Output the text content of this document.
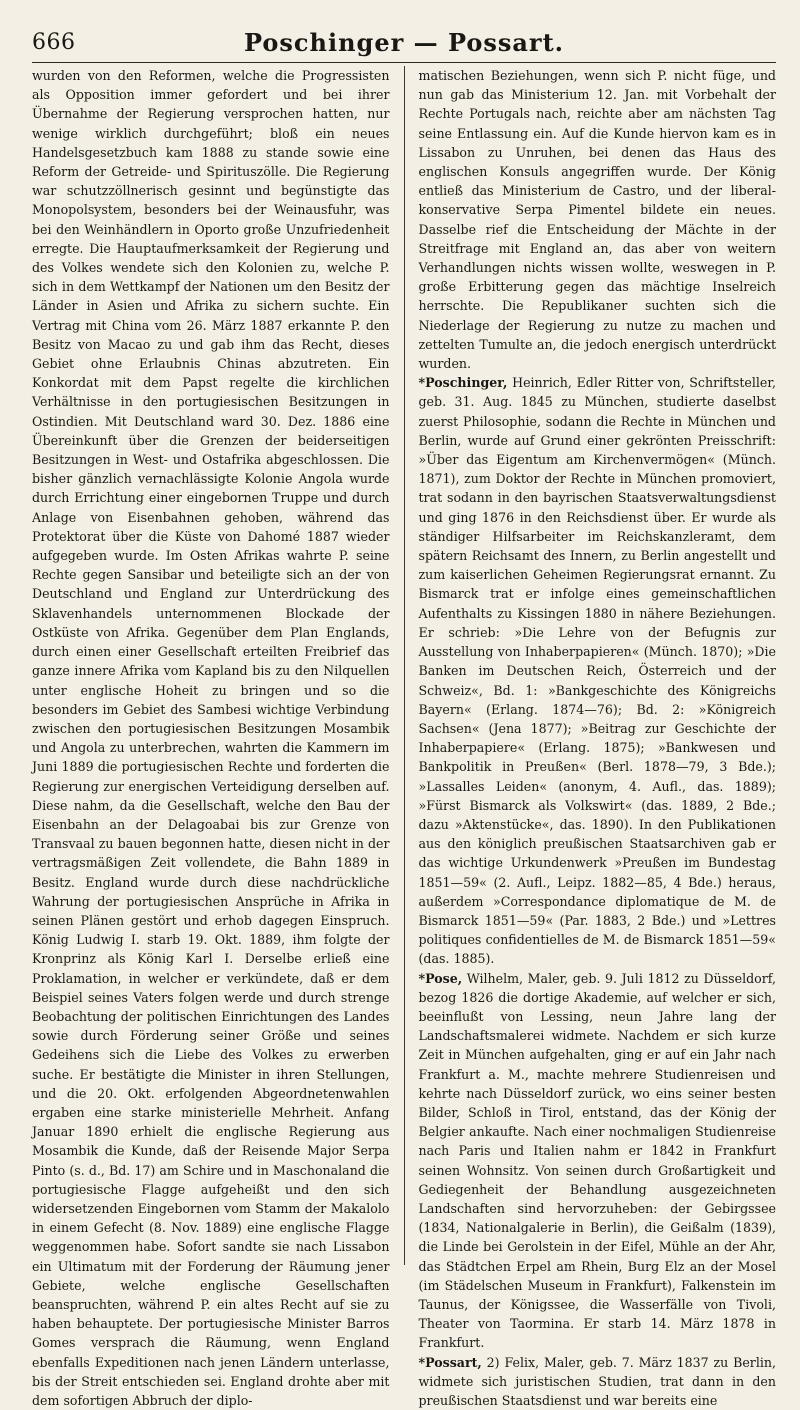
666	Poschinger — Possart.

wurden von den Reformen, welche die Progressisten als Opposition immer gefordert und bei ihrer Übernahme der Regierung versprochen hatten, nur wenige wirklich durchgeführt; bloß ein neues Handelsgesetzbuch kam 1888 zu stande sowie eine Reform der Getreide- und Spirituszölle. Die Regierung war schutzzöllnerisch gesinnt und begünstigte das Monopolsystem, besonders bei der Weinausfuhr, was bei den Weinhändlern in Oporto große Unzufriedenheit erregte. Die Hauptaufmerksamkeit der Regierung und des Volkes wendete sich den Kolonien zu, welche P. sich in dem Wettkampf der Nationen um den Besitz der Länder in Asien und Afrika zu sichern suchte. Ein Vertrag mit China vom 26. März 1887 erkannte P. den Besitz von Macao zu und gab ihm das Recht, dieses Gebiet ohne Erlaubnis Chinas abzutreten. Ein Konkordat mit dem Papst regelte die kirchlichen Verhältnisse in den portugiesischen Besitzungen in Ostindien. Mit Deutschland ward 30. Dez. 1886 eine Übereinkunft über die Grenzen der beiderseitigen Besitzungen in West- und Ostafrika abgeschlossen. Die bisher gänzlich vernachlässigte Kolonie Angola wurde durch Errichtung einer eingebornen Truppe und durch Anlage von Eisenbahnen gehoben, während das Protektorat über die Küste von Dahomé 1887 wieder aufgegeben wurde. Im Osten Afrikas wahrte P. seine Rechte gegen Sansibar und beteiligte sich an der von Deutschland und England zur Unterdrückung des Sklavenhandels unternommenen Blockade der Ostküste von Afrika. Gegenüber dem Plan Englands, durch einen einer Gesellschaft erteilten Freibrief das ganze innere Afrika vom Kapland bis zu den Nilquellen unter englische Hoheit zu bringen und so die besonders im Gebiet des Sambesi wichtige Verbindung zwischen den portugiesischen Besitzungen Mosambik und Angola zu unterbrechen, wahrten die Kammern im Juni 1889 die portugiesischen Rechte und forderten die Regierung zur energischen Verteidigung derselben auf. Diese nahm, da die Gesellschaft, welche den Bau der Eisenbahn an der Delagoabai bis zur Grenze von Transvaal zu bauen begonnen hatte, diesen nicht in der vertragsmäßigen Zeit vollendete, die Bahn 1889 in Besitz. England wurde durch diese nachdrückliche Wahrung der portugiesischen Ansprüche in Afrika in seinen Plänen gestört und erhob dagegen Einspruch. König Ludwig I. starb 19. Okt. 1889, ihm folgte der Kronprinz als König Karl I. Derselbe erließ eine Proklamation, in welcher er verkündete, daß er dem Beispiel seines Vaters folgen werde und durch strenge Beobachtung der politischen Einrichtungen des Landes sowie durch Förderung seiner Größe und seines Gedeihens sich die Liebe des Volkes zu erwerben suche. Er bestätigte die Minister in ihren Stellungen, und die 20. Okt. erfolgenden Abgeordnetenwahlen ergaben eine starke ministerielle Mehrheit. Anfang Januar 1890 erhielt die englische Regierung aus Mosambik die Kunde, daß der Reisende Major Serpa Pinto (s. d., Bd. 17) am Schire und in Maschonaland die portugiesische Flagge aufgeheißt und den sich widersetzenden Eingebornen vom Stamm der Makalolo in einem Gefecht (8. Nov. 1889) eine englische Flagge weggenommen habe. Sofort sandte sie nach Lissabon ein Ultimatum mit der Forderung der Räumung jener Gebiete, welche englische Gesellschaften beanspruchten, während P. ein altes Recht auf sie zu haben behauptete. Der portugiesische Minister Barros Gomes versprach die Räumung, wenn England ebenfalls Expeditionen nach jenen Ländern unterlasse, bis der Streit entschieden sei. England drohte aber mit dem sofortigen Abbruch der diplo-

matischen Beziehungen, wenn sich P. nicht füge, und nun gab das Ministerium 12. Jan. mit Vorbehalt der Rechte Portugals nach, reichte aber am nächsten Tag seine Entlassung ein. Auf die Kunde hiervon kam es in Lissabon zu Unruhen, bei denen das Haus des englischen Konsuls angegriffen wurde. Der König entließ das Ministerium de Castro, und der liberal-konservative Serpa Pimentel bildete ein neues. Dasselbe rief die Entscheidung der Mächte in der Streitfrage mit England an, das aber von weitern Verhandlungen nichts wissen wollte, weswegen in P. große Erbitterung gegen das mächtige Inselreich herrschte. Die Republikaner suchten sich die Niederlage der Regierung zu nutze zu machen und zettelten Tumulte an, die jedoch energisch unterdrückt wurden.

*Poschinger, Heinrich, Edler Ritter von, Schriftsteller, geb. 31. Aug. 1845 zu München, studierte daselbst zuerst Philosophie, sodann die Rechte in München und Berlin, wurde auf Grund einer gekrönten Preisschrift: »Über das Eigentum am Kirchenvermögen« (Münch. 1871), zum Doktor der Rechte in München promoviert, trat sodann in den bayrischen Staatsverwaltungsdienst und ging 1876 in den Reichsdienst über. Er wurde als ständiger Hilfsarbeiter im Reichskanzleramt, dem spätern Reichsamt des Innern, zu Berlin angestellt und zum kaiserlichen Geheimen Regierungsrat ernannt. Zu Bismarck trat er infolge eines gemeinschaftlichen Aufenthalts zu Kissingen 1880 in nähere Beziehungen. Er schrieb: »Die Lehre von der Befugnis zur Ausstellung von Inhaberpapieren« (Münch. 1870); »Die Banken im Deutschen Reich, Österreich und der Schweiz«, Bd. 1: »Bankgeschichte des Königreichs Bayern« (Erlang. 1874—76); Bd. 2: »Königreich Sachsen« (Jena 1877); »Beitrag zur Geschichte der Inhaberpapiere« (Erlang. 1875); »Bankwesen und Bankpolitik in Preußen« (Berl. 1878—79, 3 Bde.); »Lassalles Leiden« (anonym, 4. Aufl., das. 1889); »Fürst Bismarck als Volkswirt« (das. 1889, 2 Bde.; dazu »Aktenstücke«, das. 1890). In den Publikationen aus den königlich preußischen Staatsarchiven gab er das wichtige Urkundenwerk »Preußen im Bundestag 1851—59« (2. Aufl., Leipz. 1882—85, 4 Bde.) heraus, außerdem »Correspondance diplomatique de M. de Bismarck 1851—59« (Par. 1883, 2 Bde.) und »Lettres politiques confidentielles de M. de Bismarck 1851—59« (das. 1885).

*Pose, Wilhelm, Maler, geb. 9. Juli 1812 zu Düsseldorf, bezog 1826 die dortige Akademie, auf welcher er sich, beeinflußt von Lessing, neun Jahre lang der Landschaftsmalerei widmete. Nachdem er sich kurze Zeit in München aufgehalten, ging er auf ein Jahr nach Frankfurt a. M., machte mehrere Studienreisen und kehrte nach Düsseldorf zurück, wo eins seiner besten Bilder, Schloß in Tirol, entstand, das der König der Belgier ankaufte. Nach einer nochmaligen Studienreise nach Paris und Italien nahm er 1842 in Frankfurt seinen Wohnsitz. Von seinen durch Großartigkeit und Gediegenheit der Behandlung ausgezeichneten Landschaften sind hervorzuheben: der Gebirgssee (1834, Nationalgalerie in Berlin), die Geißalm (1839), die Linde bei Gerolstein in der Eifel, Mühle an der Ahr, das Städtchen Erpel am Rhein, Burg Elz an der Mosel (im Städelschen Museum in Frankfurt), Falkenstein im Taunus, der Königssee, die Wasserfälle von Tivoli, Theater von Taormina. Er starb 14. März 1878 in Frankfurt.

*Possart, 2) Felix, Maler, geb. 7. März 1837 zu Berlin, widmete sich juristischen Studien, trat dann in den preußischen Staatsdienst und war bereits eine
